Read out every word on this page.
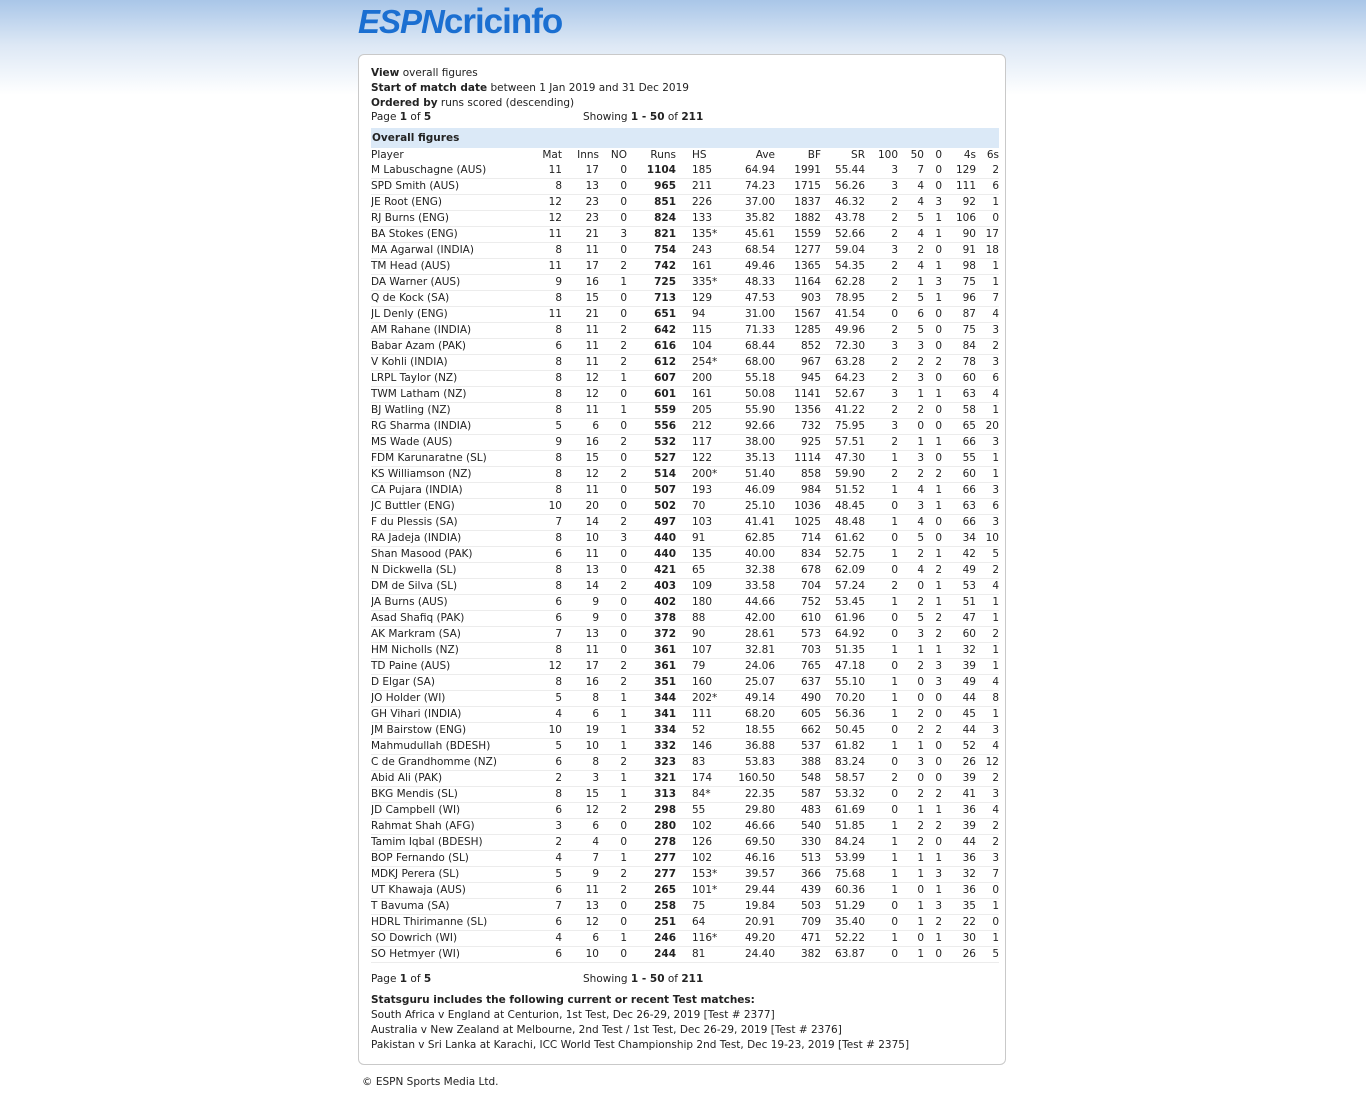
ESPNcricinfo
View overall figures
Start of match date between 1 Jan 2019 and 31 Dec 2019
Ordered by runs scored (descending)
Page 1 of 5	Showing 1 - 50 of 211
Overall figures
Player	Mat	Inns	NO	Runs	HS	Ave	BF	SR	100	50	0	4s	6s
M Labuschagne (AUS)	11	17	0	1104	185	64.94	1991	55.44	3	7	0	129	2
SPD Smith (AUS)	8	13	0	965	211	74.23	1715	56.26	3	4	0	111	6
JE Root (ENG)	12	23	0	851	226	37.00	1837	46.32	2	4	3	92	1
RJ Burns (ENG)	12	23	0	824	133	35.82	1882	43.78	2	5	1	106	0
BA Stokes (ENG)	11	21	3	821	135*	45.61	1559	52.66	2	4	1	90	17
MA Agarwal (INDIA)	8	11	0	754	243	68.54	1277	59.04	3	2	0	91	18
TM Head (AUS)	11	17	2	742	161	49.46	1365	54.35	2	4	1	98	1
DA Warner (AUS)	9	16	1	725	335*	48.33	1164	62.28	2	1	3	75	1
Q de Kock (SA)	8	15	0	713	129	47.53	903	78.95	2	5	1	96	7
JL Denly (ENG)	11	21	0	651	94	31.00	1567	41.54	0	6	0	87	4
AM Rahane (INDIA)	8	11	2	642	115	71.33	1285	49.96	2	5	0	75	3
Babar Azam (PAK)	6	11	2	616	104	68.44	852	72.30	3	3	0	84	2
V Kohli (INDIA)	8	11	2	612	254*	68.00	967	63.28	2	2	2	78	3
LRPL Taylor (NZ)	8	12	1	607	200	55.18	945	64.23	2	3	0	60	6
TWM Latham (NZ)	8	12	0	601	161	50.08	1141	52.67	3	1	1	63	4
BJ Watling (NZ)	8	11	1	559	205	55.90	1356	41.22	2	2	0	58	1
RG Sharma (INDIA)	5	6	0	556	212	92.66	732	75.95	3	0	0	65	20
MS Wade (AUS)	9	16	2	532	117	38.00	925	57.51	2	1	1	66	3
FDM Karunaratne (SL)	8	15	0	527	122	35.13	1114	47.30	1	3	0	55	1
KS Williamson (NZ)	8	12	2	514	200*	51.40	858	59.90	2	2	2	60	1
CA Pujara (INDIA)	8	11	0	507	193	46.09	984	51.52	1	4	1	66	3
JC Buttler (ENG)	10	20	0	502	70	25.10	1036	48.45	0	3	1	63	6
F du Plessis (SA)	7	14	2	497	103	41.41	1025	48.48	1	4	0	66	3
RA Jadeja (INDIA)	8	10	3	440	91	62.85	714	61.62	0	5	0	34	10
Shan Masood (PAK)	6	11	0	440	135	40.00	834	52.75	1	2	1	42	5
N Dickwella (SL)	8	13	0	421	65	32.38	678	62.09	0	4	2	49	2
DM de Silva (SL)	8	14	2	403	109	33.58	704	57.24	2	0	1	53	4
JA Burns (AUS)	6	9	0	402	180	44.66	752	53.45	1	2	1	51	1
Asad Shafiq (PAK)	6	9	0	378	88	42.00	610	61.96	0	5	2	47	1
AK Markram (SA)	7	13	0	372	90	28.61	573	64.92	0	3	2	60	2
HM Nicholls (NZ)	8	11	0	361	107	32.81	703	51.35	1	1	1	32	1
TD Paine (AUS)	12	17	2	361	79	24.06	765	47.18	0	2	3	39	1
D Elgar (SA)	8	16	2	351	160	25.07	637	55.10	1	0	3	49	4
JO Holder (WI)	5	8	1	344	202*	49.14	490	70.20	1	0	0	44	8
GH Vihari (INDIA)	4	6	1	341	111	68.20	605	56.36	1	2	0	45	1
JM Bairstow (ENG)	10	19	1	334	52	18.55	662	50.45	0	2	2	44	3
Mahmudullah (BDESH)	5	10	1	332	146	36.88	537	61.82	1	1	0	52	4
C de Grandhomme (NZ)	6	8	2	323	83	53.83	388	83.24	0	3	0	26	12
Abid Ali (PAK)	2	3	1	321	174	160.50	548	58.57	2	0	0	39	2
BKG Mendis (SL)	8	15	1	313	84*	22.35	587	53.32	0	2	2	41	3
JD Campbell (WI)	6	12	2	298	55	29.80	483	61.69	0	1	1	36	4
Rahmat Shah (AFG)	3	6	0	280	102	46.66	540	51.85	1	2	2	39	2
Tamim Iqbal (BDESH)	2	4	0	278	126	69.50	330	84.24	1	2	0	44	2
BOP Fernando (SL)	4	7	1	277	102	46.16	513	53.99	1	1	1	36	3
MDKJ Perera (SL)	5	9	2	277	153*	39.57	366	75.68	1	1	3	32	7
UT Khawaja (AUS)	6	11	2	265	101*	29.44	439	60.36	1	0	1	36	0
T Bavuma (SA)	7	13	0	258	75	19.84	503	51.29	0	1	3	35	1
HDRL Thirimanne (SL)	6	12	0	251	64	20.91	709	35.40	0	1	2	22	0
SO Dowrich (WI)	4	6	1	246	116*	49.20	471	52.22	1	0	1	30	1
SO Hetmyer (WI)	6	10	0	244	81	24.40	382	63.87	0	1	0	26	5
Page 1 of 5	Showing 1 - 50 of 211
Statsguru includes the following current or recent Test matches:
South Africa v England at Centurion, 1st Test, Dec 26-29, 2019 [Test # 2377]
Australia v New Zealand at Melbourne, 2nd Test / 1st Test, Dec 26-29, 2019 [Test # 2376]
Pakistan v Sri Lanka at Karachi, ICC World Test Championship 2nd Test, Dec 19-23, 2019 [Test # 2375]
© ESPN Sports Media Ltd.
